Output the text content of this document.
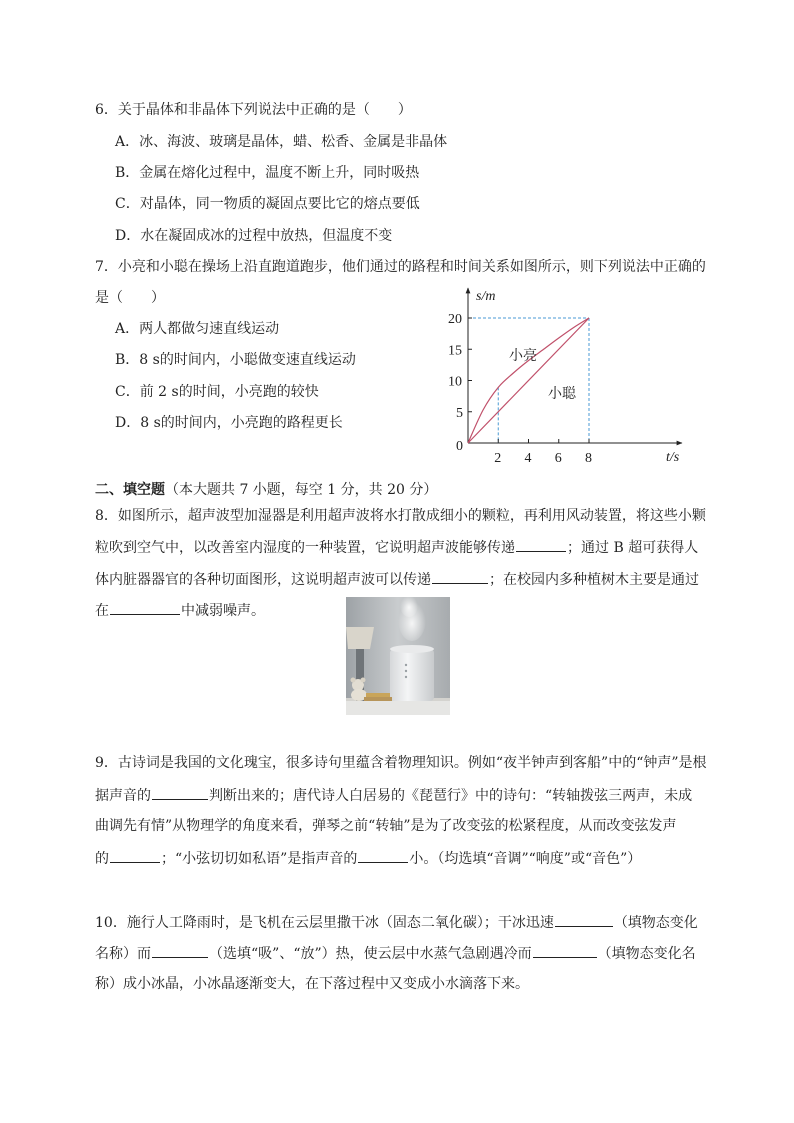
6．关于晶体和非晶体下列说法中正确的是（　　）
A．冰、海波、玻璃是晶体，蜡、松香、金属是非晶体
B．金属在熔化过程中，温度不断上升，同时吸热
C．对晶体，同一物质的凝固点要比它的熔点要低
D．水在凝固成冰的过程中放热，但温度不变
7．小亮和小聪在操场上沿直跑道跑步，他们通过的路程和时间关系如图所示，则下列说法中正确的
是（　　）
A．两人都做匀速直线运动
B．8 s的时间内，小聪做变速直线运动
C．前 2 s的时间，小亮跑的较快
D．8 s的时间内，小亮跑的路程更长
2 4 6 8
5
10
15
20
s/m
t/s
0
小亮
小聪
二、填空题（本大题共 7 小题，每空 1 分，共 20 分）
8．如图所示，超声波型加湿器是利用超声波将水打散成细小的颗粒，再利用风动装置，将这些小颗
粒吹到空气中，以改善室内湿度的一种装置，它说明超声波能够传递	；通过 B 超可获得人
体内脏器器官的各种切面图形，这说明超声波可以传递	；在校园内多种植树木主要是通过
在	中减弱噪声。
9．古诗词是我国的文化瑰宝，很多诗句里蕴含着物理知识。例如“夜半钟声到客船”中的“钟声”是根
据声音的	判断出来的；唐代诗人白居易的《琵琶行》中的诗句：“转轴拨弦三两声，未成
曲调先有情”从物理学的角度来看，弹琴之前“转轴”是为了改变弦的松紧程度，从而改变弦发声
的	；“小弦切切如私语”是指声音的	小。（均选填“音调”“响度”或“音色”）
10．施行人工降雨时，是飞机在云层里撒干冰（固态二氧化碳）；干冰迅速	（填物态变化
名称）而	（选填“吸”、“放”）热，使云层中水蒸气急剧遇冷而	（填物态变化名
称）成小冰晶，小冰晶逐渐变大，在下落过程中又变成小水滴落下来。
